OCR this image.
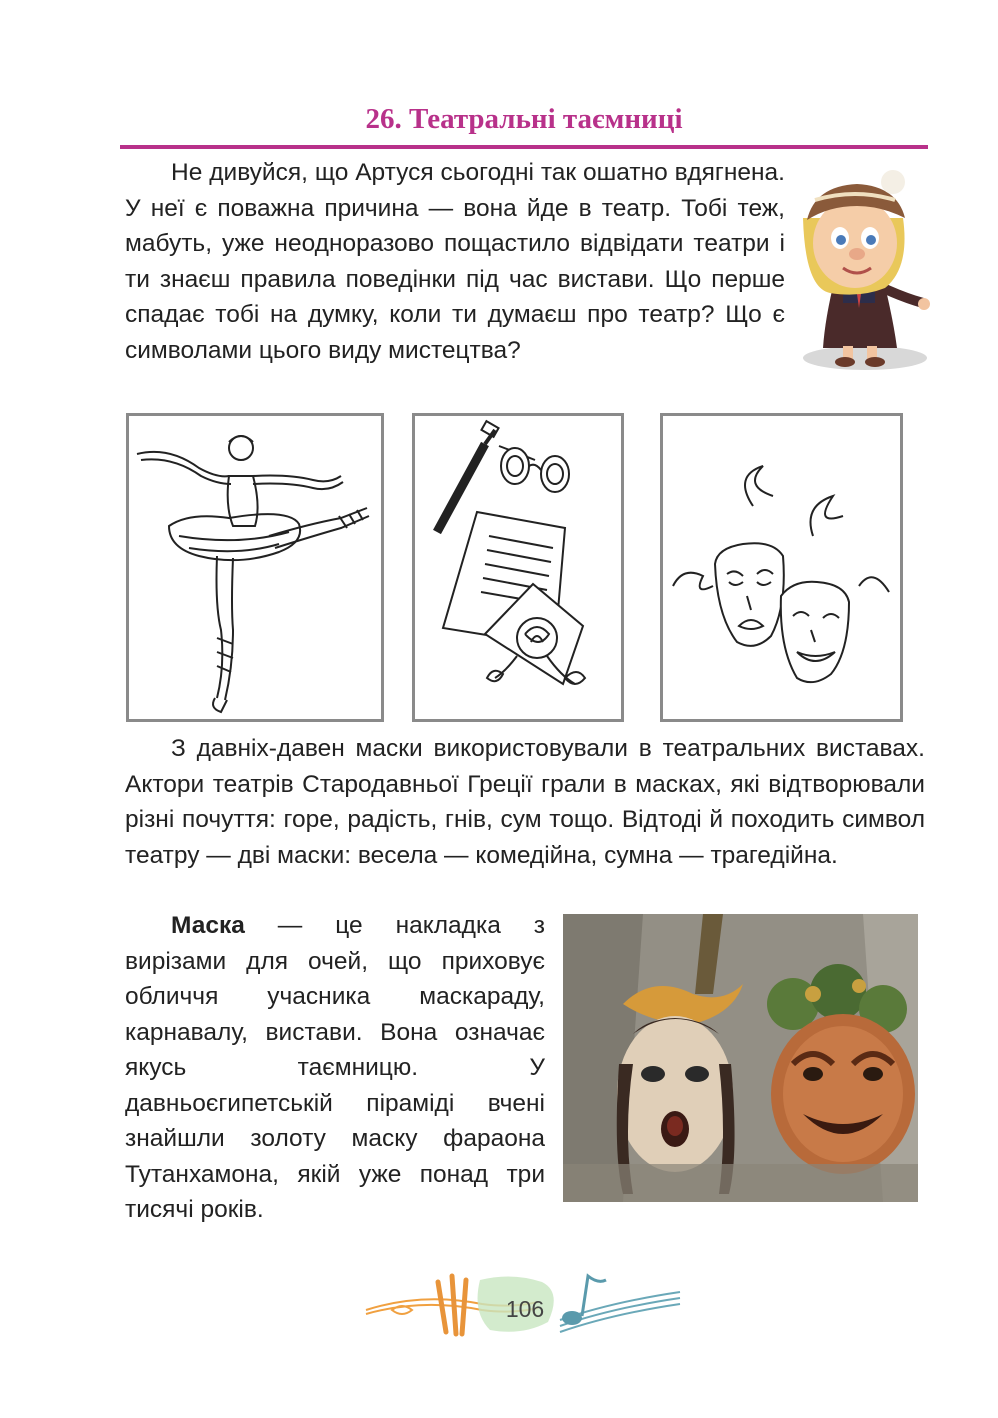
26. Театральні таємниці

Не дивуйся, що Артуся сьогодні так ошатно вдягнена. У неї є поважна причина — вона йде в театр. Тобі теж, мабуть, уже неодноразово пощастило відвідати театри і ти знаєш правила поведінки під час вистави. Що перше спадає тобі на думку, коли ти думаєш про театр? Що є символами цього виду мистецтва?

З давніх-давен маски використовували в театральних виставах. Актори театрів Стародавньої Греції грали в масках, які відтворювали різні почуття: горе, радість, гнів, сум тощо. Відтоді й походить символ театру — дві маски: весела — комедійна, сумна — трагедійна.

Маска — це накладка з вирізами для очей, що приховує обличчя учасника маскараду, карнавалу, вистави. Вона означає якусь таємницю. У давньоєгипетській піраміді вчені знайшли золоту маску фараона Тутанхамона, якій уже понад три тисячі років.

106
